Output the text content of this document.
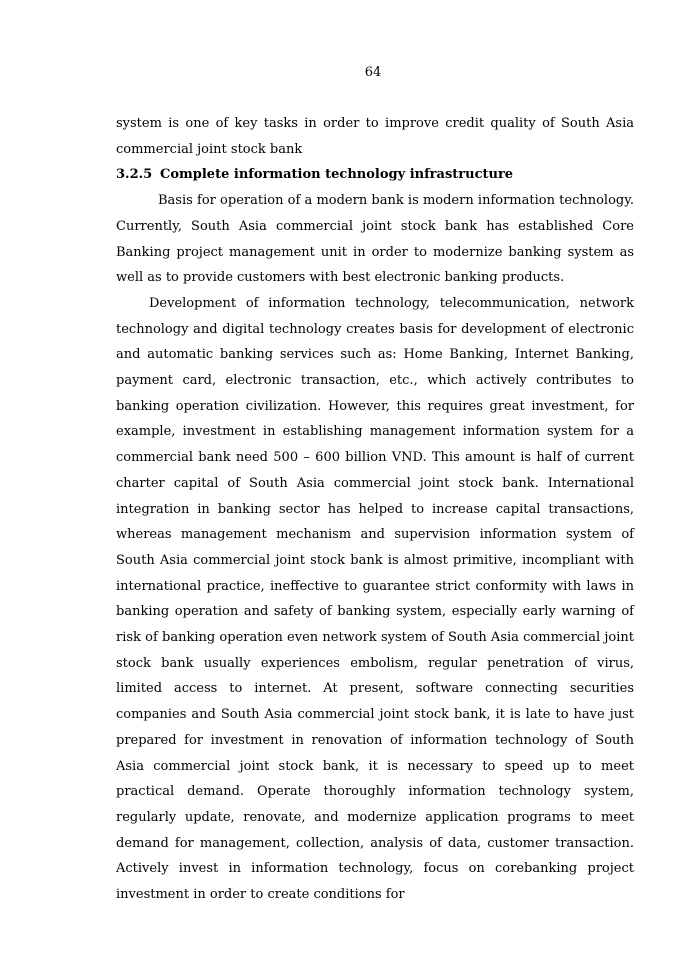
64

system is one of key tasks in order to improve credit quality of South Asia commercial joint stock bank

3.2.5 Complete information technology infrastructure

Basis for operation of a modern bank is modern information technology. Currently, South Asia commercial joint stock bank has established Core Banking project management unit in order to modernize banking system as well as to provide customers with best electronic banking products.

Development of information technology, telecommunication, network technology and digital technology creates basis for development of electronic and automatic banking services such as: Home Banking, Internet Banking, payment card, electronic transaction, etc., which actively contributes to banking operation civilization. However, this requires great investment, for example, investment in establishing management information system for a commercial bank need 500 – 600 billion VND. This amount is half of current charter capital of South Asia commercial joint stock bank. International integration in banking sector has helped to increase capital transactions, whereas management mechanism and supervision information system of South Asia commercial joint stock bank is almost primitive, incompliant with international practice, ineffective to guarantee strict conformity with laws in banking operation and safety of banking system, especially early warning of risk of banking operation even network system of South Asia commercial joint stock bank usually experiences embolism, regular penetration of virus, limited access to internet. At present, software connecting securities companies and South Asia commercial joint stock bank, it is late to have just prepared for investment in renovation of information technology of South Asia commercial joint stock bank, it is necessary to speed up to meet practical demand. Operate thoroughly information technology system, regularly update, renovate, and modernize application programs to meet demand for management, collection, analysis of data, customer transaction. Actively invest in information technology, focus on corebanking project investment in order to create conditions for
